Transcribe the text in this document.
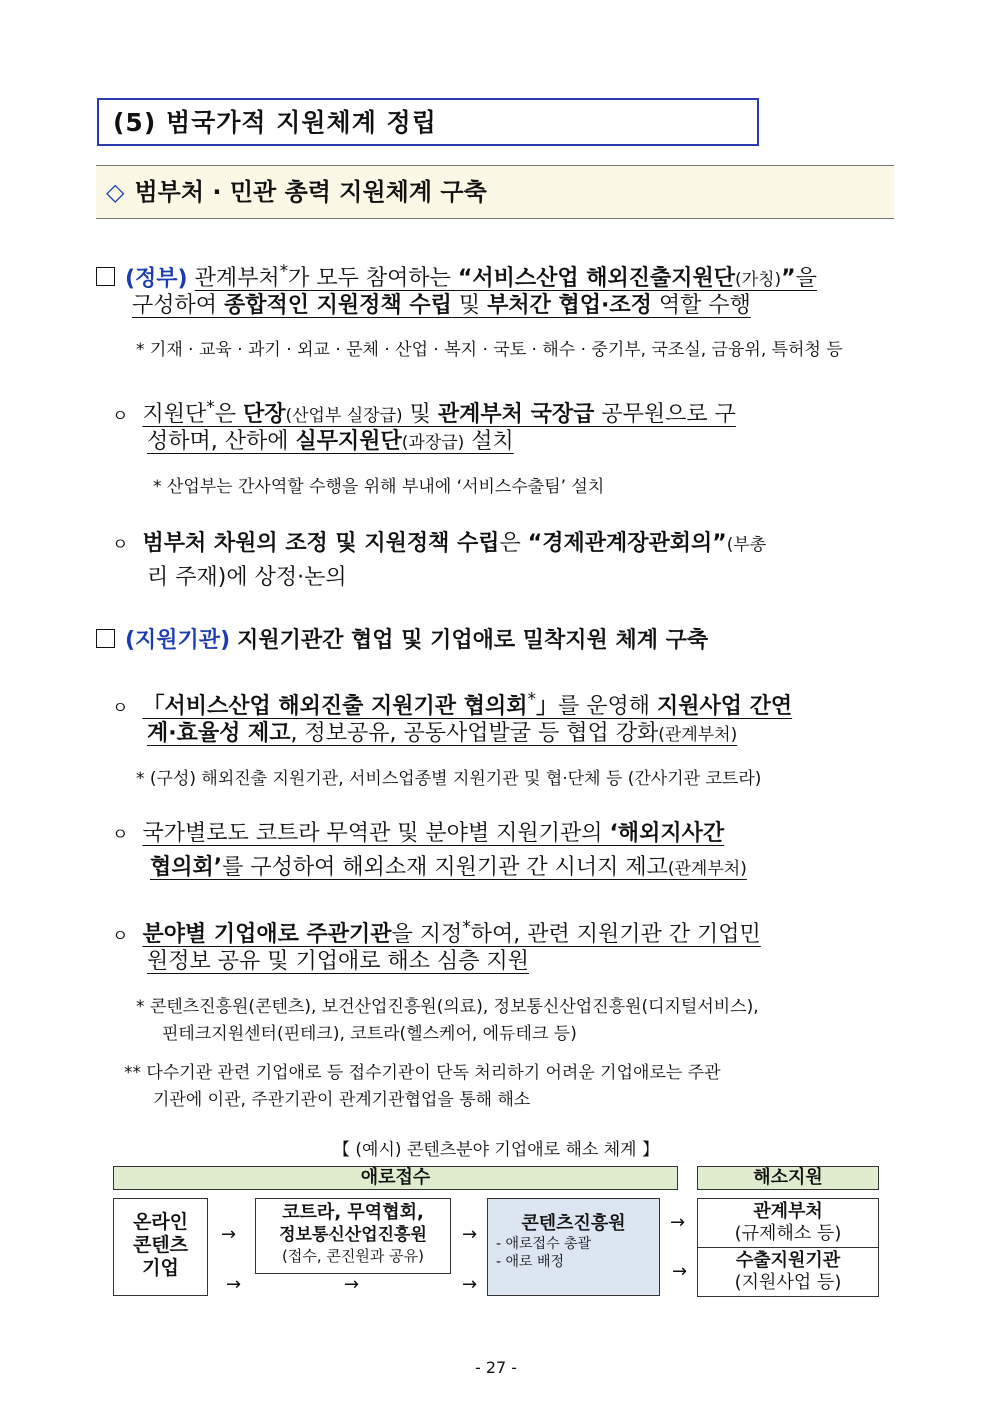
(5) 범국가적 지원체계 정립
◇ 범부처 · 민관 총력 지원체계 구축
(정부) 관계부처*가 모두 참여하는 “서비스산업 해외진출지원단(가칭)”을
구성하여 종합적인 지원정책 수립 및 부처간 협업·조정 역할 수행
* 기재 · 교육 · 과기 · 외교 · 문체 · 산업 · 복지 · 국토 · 해수 · 중기부, 국조실, 금융위, 특허청 등
ㅇ 지원단*은 단장(산업부 실장급) 및 관계부처 국장급 공무원으로 구
성하며, 산하에 실무지원단(과장급) 설치
* 산업부는 간사역할 수행을 위해 부내에 ‘서비스수출팀’ 설치
ㅇ 범부처 차원의 조정 및 지원정책 수립은 “경제관계장관회의”(부총
리 주재)에 상정·논의
(지원기관) 지원기관간 협업 및 기업애로 밀착지원 체계 구축
ㅇ 「서비스산업 해외진출 지원기관 협의회*」를 운영해 지원사업 간연
계·효율성 제고, 정보공유, 공동사업발굴 등 협업 강화(관계부처)
* (구성) 해외진출 지원기관, 서비스업종별 지원기관 및 협·단체 등 (간사기관 코트라)
ㅇ 국가별로도 코트라 무역관 및 분야별 지원기관의 ‘해외지사간
협의회’를 구성하여 해외소재 지원기관 간 시너지 제고(관계부처)
ㅇ 분야별 기업애로 주관기관을 지정*하여, 관련 지원기관 간 기업민
원정보 공유 및 기업애로 해소 심층 지원
* 콘텐츠진흥원(콘텐츠), 보건산업진흥원(의료), 정보통신산업진흥원(디지털서비스),
핀테크지원센터(핀테크), 코트라(헬스케어, 에듀테크 등)
** 다수기관 관련 기업애로 등 접수기관이 단독 처리하기 어려운 기업애로는 주관
기관에 이관, 주관기관이 관계기관협업을 통해 해소
【 (예시) 콘텐츠분야 기업애로 해소 체계 】
애로접수	해소지원
온라인
콘텐츠
기업
코트라, 무역협회,
정보통신산업진흥원
(접수, 콘진원과 공유)
콘텐츠진흥원
- 애로접수 총괄
- 애로 배정
관계부처
(규제해소 등)
수출지원기관
(지원사업 등)
→
→	→
→
→
→
→
- 27 -
